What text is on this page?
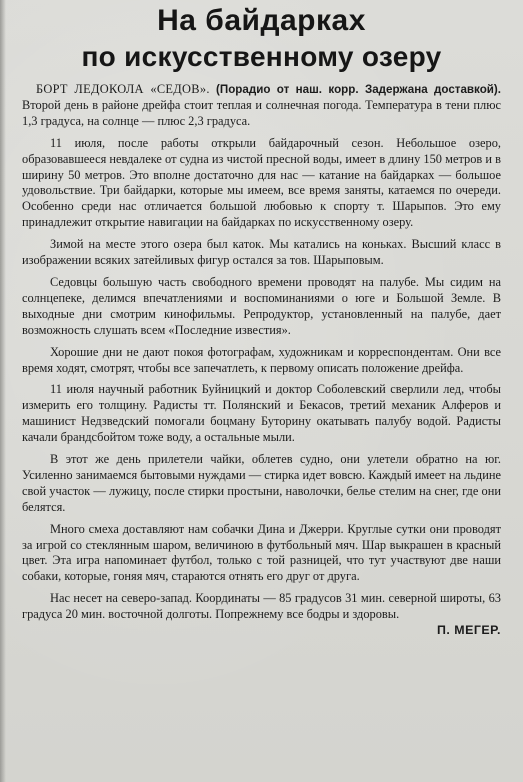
На байдарках
по искусственному озеру

БОРТ ЛЕДОКОЛА «СЕДОВ». (Порадио от наш. корр. Задержана доставкой). Второй день в районе дрейфа стоит теплая и солнечная погода. Температура в тени плюс 1,3 градуса, на солнце — плюс 2,3 градуса.

11 июля, после работы открыли байдарочный сезон. Небольшое озеро, образовавшееся невдалеке от судна из чистой пресной воды, имеет в длину 150 метров и в ширину 50 метров. Это вполне достаточно для нас — катание на байдарках — большое удовольствие. Три байдарки, которые мы имеем, все время заняты, катаемся по очереди. Особенно среди нас отличается большой любовью к спорту т. Шарыпов. Это ему принадлежит открытие навигации на байдарках по искусственному озеру.

Зимой на месте этого озера был каток. Мы катались на коньках. Высший класс в изображении всяких затейливых фигур остался за тов. Шарыповым.

Седовцы большую часть свободного времени проводят на палубе. Мы сидим на солнцепеке, делимся впечатлениями и воспоминаниями о юге и Большой Земле. В выходные дни смотрим кинофильмы. Репродуктор, установленный на палубе, дает возможность слушать всем «Последние известия».

Хорошие дни не дают покоя фотографам, художникам и корреспондентам. Они все время ходят, смотрят, чтобы все запечатлеть, к первому описать положение дрейфа.

11 июля научный работник Буйницкий и доктор Соболевский сверлили лед, чтобы измерить его толщину. Радисты тт. Полянский и Бекасов, третий механик Алферов и машинист Недзведский помогали боцману Буторину окатывать палубу водой. Радисты качали брандсбойтом тоже воду, а остальные мыли.

В этот же день прилетели чайки, облетев судно, они улетели обратно на юг. Усиленно занимаемся бытовыми нуждами — стирка идет вовсю. Каждый имеет на льдине свой участок — лужицу, после стирки простыни, наволочки, белье стелим на снег, где они белятся.

Много смеха доставляют нам собачки Дина и Джерри. Круглые сутки они проводят за игрой со стеклянным шаром, величиною в футбольный мяч. Шар выкрашен в красный цвет. Эта игра напоминает футбол, только с той разницей, что тут участвуют две наши собаки, которые, гоняя мяч, стараются отнять его друг от друга.

Нас несет на северо-запад. Координаты — 85 градусов 31 мин. северной широты, 63 градуса 20 мин. восточной долготы. Попрежнему все бодры и здоровы.
П. МЕГЕР.
